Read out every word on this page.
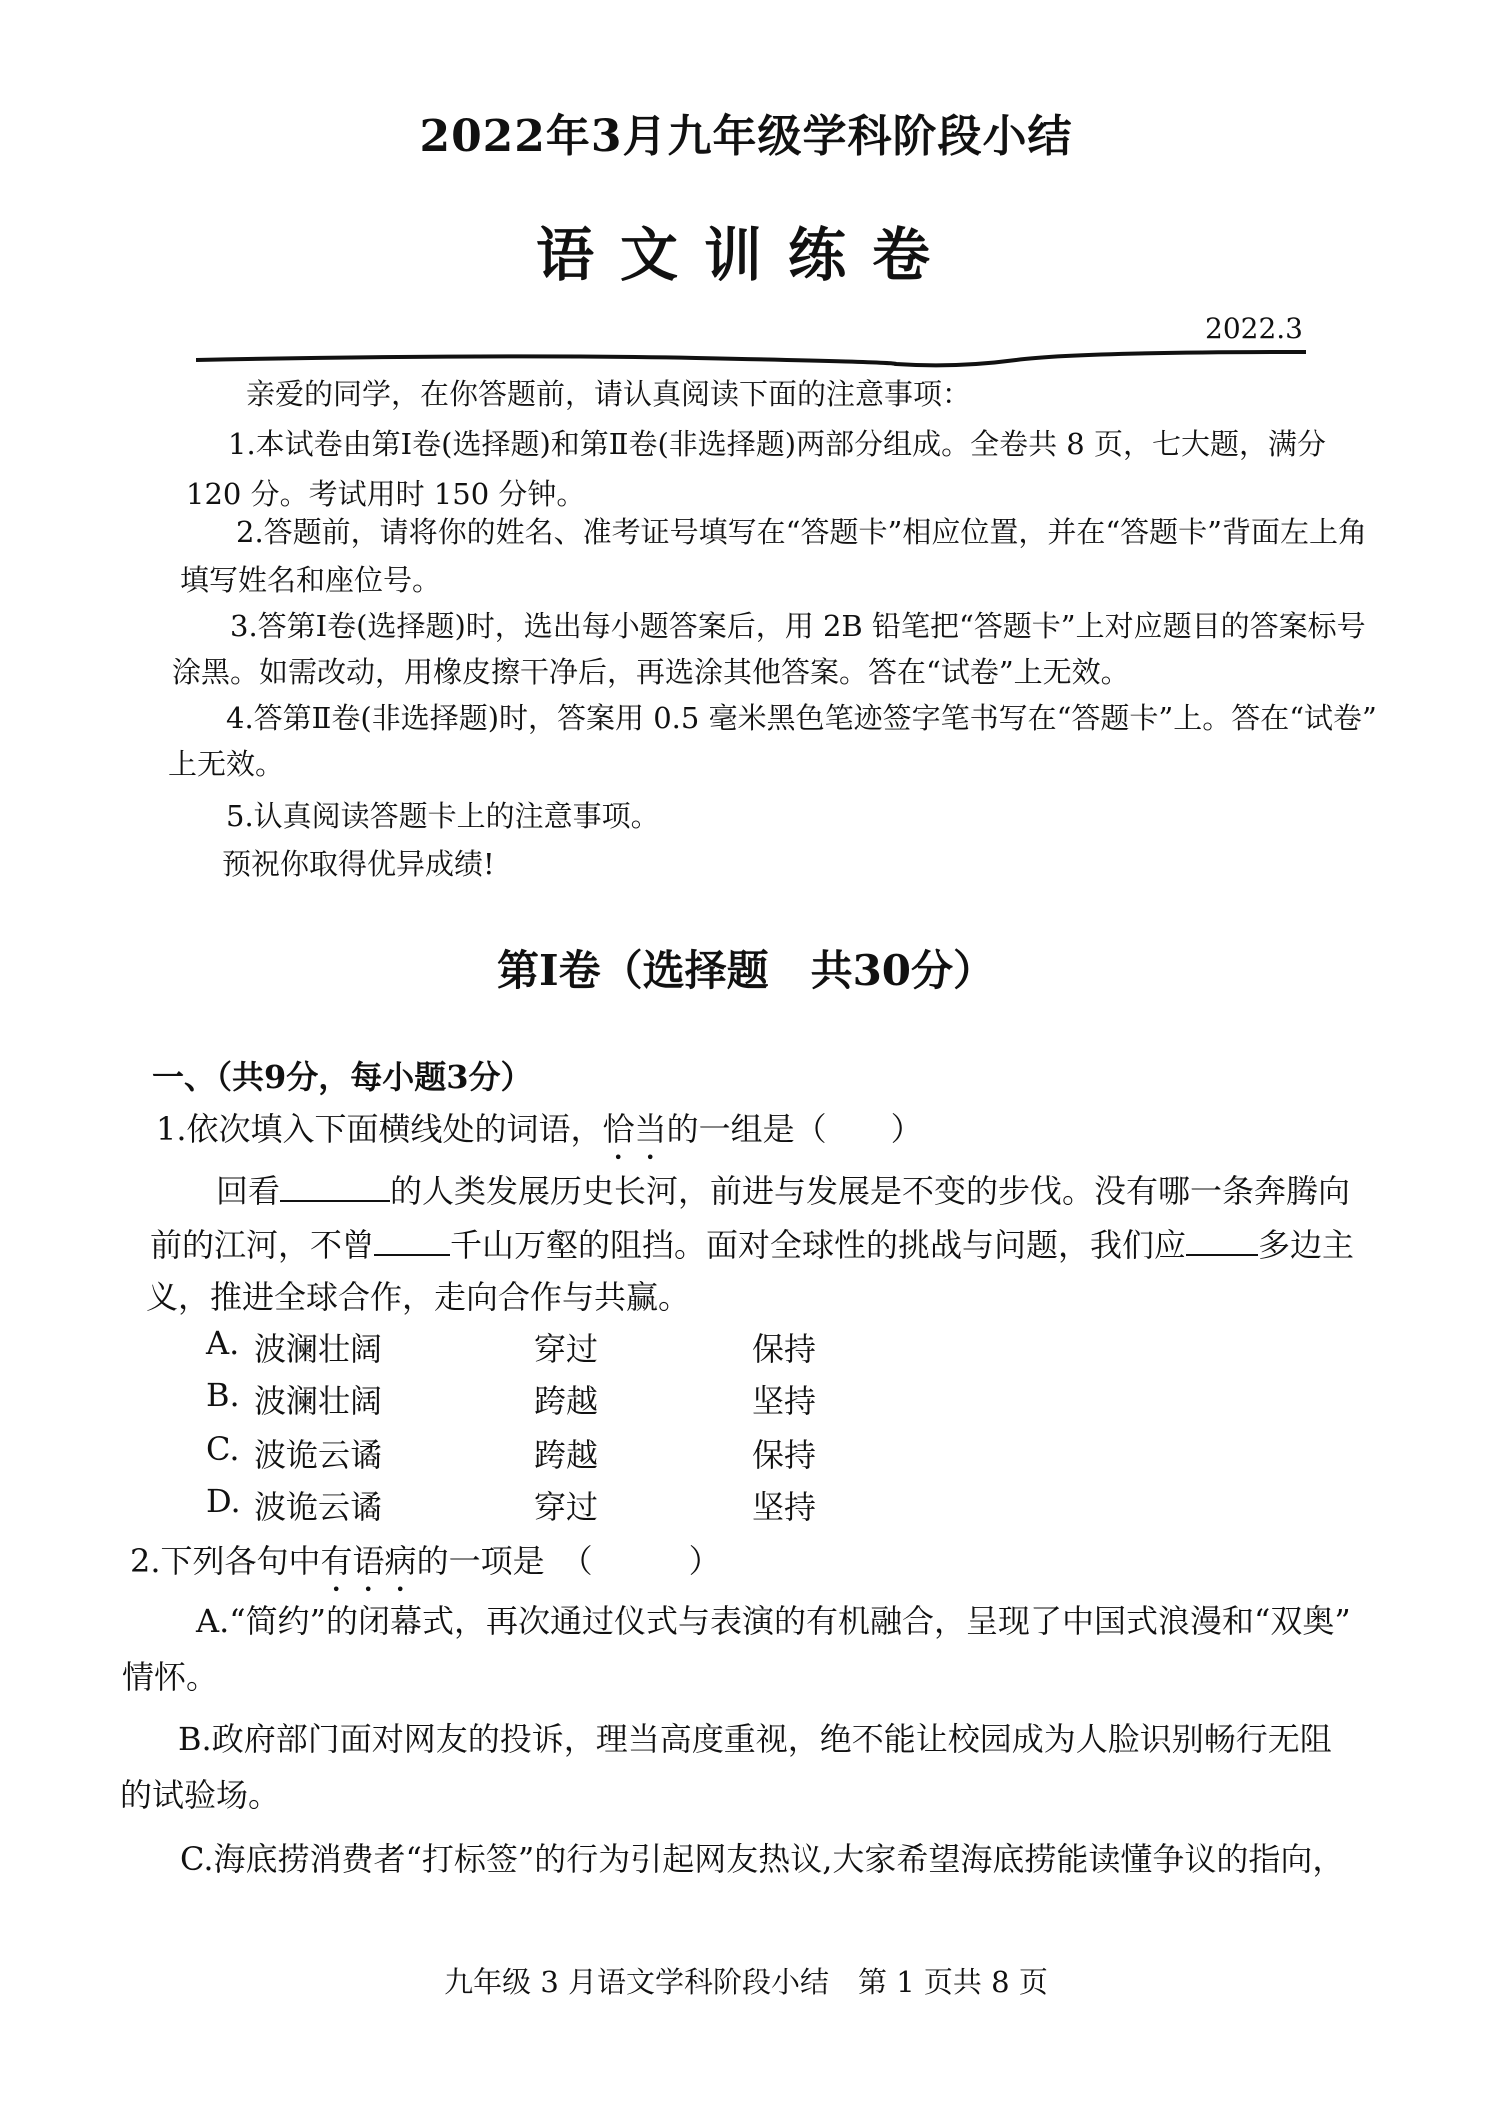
2022年3月九年级学科阶段小结
语文训练卷
2022.3
亲爱的同学，在你答题前，请认真阅读下面的注意事项：
1.本试卷由第Ⅰ卷(选择题)和第Ⅱ卷(非选择题)两部分组成。全卷共 8 页，七大题，满分
120 分。考试用时 150 分钟。
2.答题前，请将你的姓名、准考证号填写在“答题卡”相应位置，并在“答题卡”背面左上角
填写姓名和座位号。
3.答第Ⅰ卷(选择题)时，选出每小题答案后，用 2B 铅笔把“答题卡”上对应题目的答案标号
涂黑。如需改动，用橡皮擦干净后，再选涂其他答案。答在“试卷”上无效。
4.答第Ⅱ卷(非选择题)时，答案用 0.5 毫米黑色笔迹签字笔书写在“答题卡”上。答在“试卷”
上无效。
5.认真阅读答题卡上的注意事项。
预祝你取得优异成绩!
第Ⅰ卷（选择题　共30分）
一、（共9分，每小题3分）
1.依次填入下面横线处的词语，恰当的一组是（　　）
回看	的人类发展历史长河，前进与发展是不变的步伐。没有哪一条奔腾向
前的江河，不曾 千山万壑的阻挡。面对全球性的挑战与问题，我们应 多边主
义，推进全球合作，走向合作与共赢。
A. 波澜壮阔	穿过	保持
B. 波澜壮阔	跨越	坚持
C. 波诡云谲	跨越	保持
D. 波诡云谲	穿过	坚持
2.下列各句中有语病的一项是　（　　　）
A.“简约”的闭幕式，再次通过仪式与表演的有机融合，呈现了中国式浪漫和“双奥”
情怀。
B.政府部门面对网友的投诉，理当高度重视，绝不能让校园成为人脸识别畅行无阻
的试验场。
C.海底捞消费者“打标签”的行为引起网友热议,大家希望海底捞能读懂争议的指向，
九年级 3 月语文学科阶段小结　第 1 页共 8 页
